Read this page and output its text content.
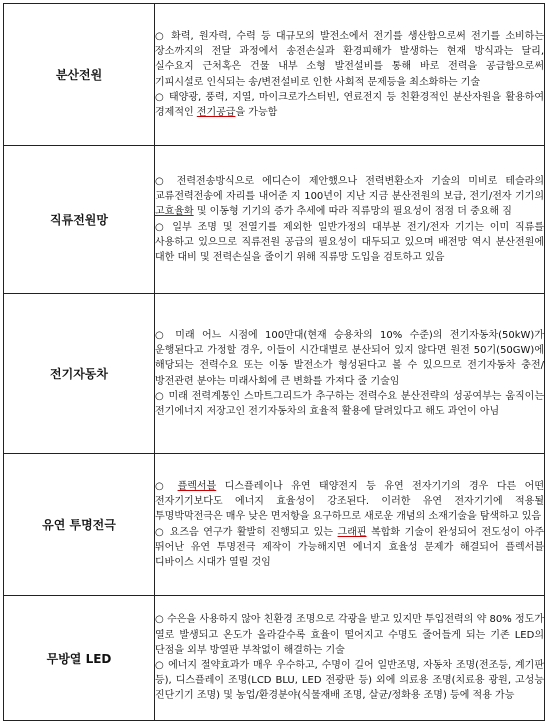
분산전원	○ 화력, 원자력, 수력 등 대규모의 발전소에서 전기를 생산함으로써 전기를 소비하는 장소까지의 전달 과정에서 송전손실과 환경피해가 발생하는 현재 방식과는 달리, 실수요지 근처혹은 건물 내부 소형 발전설비를 통해 바로 전력을 공급함으로써 기피시설로 인식되는 송/변전설비로 인한 사회적 문제등을 최소화하는 기술
○ 태양광, 풍력, 지열, 마이크로가스터빈, 연료전지 등 친환경적인 분산자원을 활용하여 경제적인 전기공급을 가능함

직류전원망	○ 전력전송방식으로 에디슨이 제안했으나 전력변환소자 기술의 미비로 테슬라의 교류전력전송에 자리를 내어준 지 100년이 지난 지금 분산전원의 보급, 전기/전자 기기의 고효율화 및 이동형 기기의 증가 추세에 따라 직류망의 필요성이 점점 더 중요해 짐
○ 일부 조명 및 전열기를 제외한 일반가정의 대부분 전기/전자 기기는 이미 직류를 사용하고 있으므로 직류전원 공급의 필요성이 대두되고 있으며 배전망 역시 분산전원에 대한 대비 및 전력손실을 줄이기 위해 직류망 도입을 검토하고 있음

전기자동차	○ 미래 어느 시점에 100만대(현재 승용차의 10% 수준)의 전기자동차(50kW)가 운행된다고 가정할 경우, 이들이 시간대별로 분산되어 있지 않다면 원전 50기(50GW)에 해당되는 전력수요 또는 이동 발전소가 형성된다고 볼 수 있으므로 전기자동차 충전/방전관련 분야는 미래사회에 큰 변화를 가져다 줄 기술임
○ 미래 전력계통인 스마트그리드가 추구하는 전력수요 분산전략의 성공여부는 움직이는 전기에너지 저장고인 전기자동차의 효율적 활용에 달려있다고 해도 과언이 아님

유연 투명전극	○ 플렉서블 디스플레이나 유연 태양전지 등 유연 전자기기의 경우 다른 어떤 전자기기보다도 에너지 효율성이 강조된다. 이러한 유연 전자기기에 적용될 투명박막전극은 매우 낮은 면저항을 요구하므로 새로운 개념의 소재기술을 탐색하고 있음
○ 요즈음 연구가 활발히 진행되고 있는 그래핀 복합화 기술이 완성되어 전도성이 아주 뛰어난 유연 투명전극 제작이 가능해지면 에너지 효율성 문제가 해결되어 플렉서블 디바이스 시대가 열릴 것임

무방열 LED	○ 수은을 사용하지 않아 친환경 조명으로 각광을 받고 있지만 투입전력의 약 80% 정도가 열로 발생되고 온도가 올라갈수록 효율이 떨어지고 수명도 줄어들게 되는 기존 LED의 단점을 외부 방열판 부착없이 해결하는 기술
○ 에너지 절약효과가 매우 우수하고, 수명이 길어 일반조명, 자동차 조명(전조등, 계기판 등), 디스플레이 조명(LCD BLU, LED 전광판 등) 외에 의료용 조명(치료용 광원, 고성능 진단기기 조명) 및 농업/환경분야(식물재배 조명, 살균/정화용 조명) 등에 적용 가능
